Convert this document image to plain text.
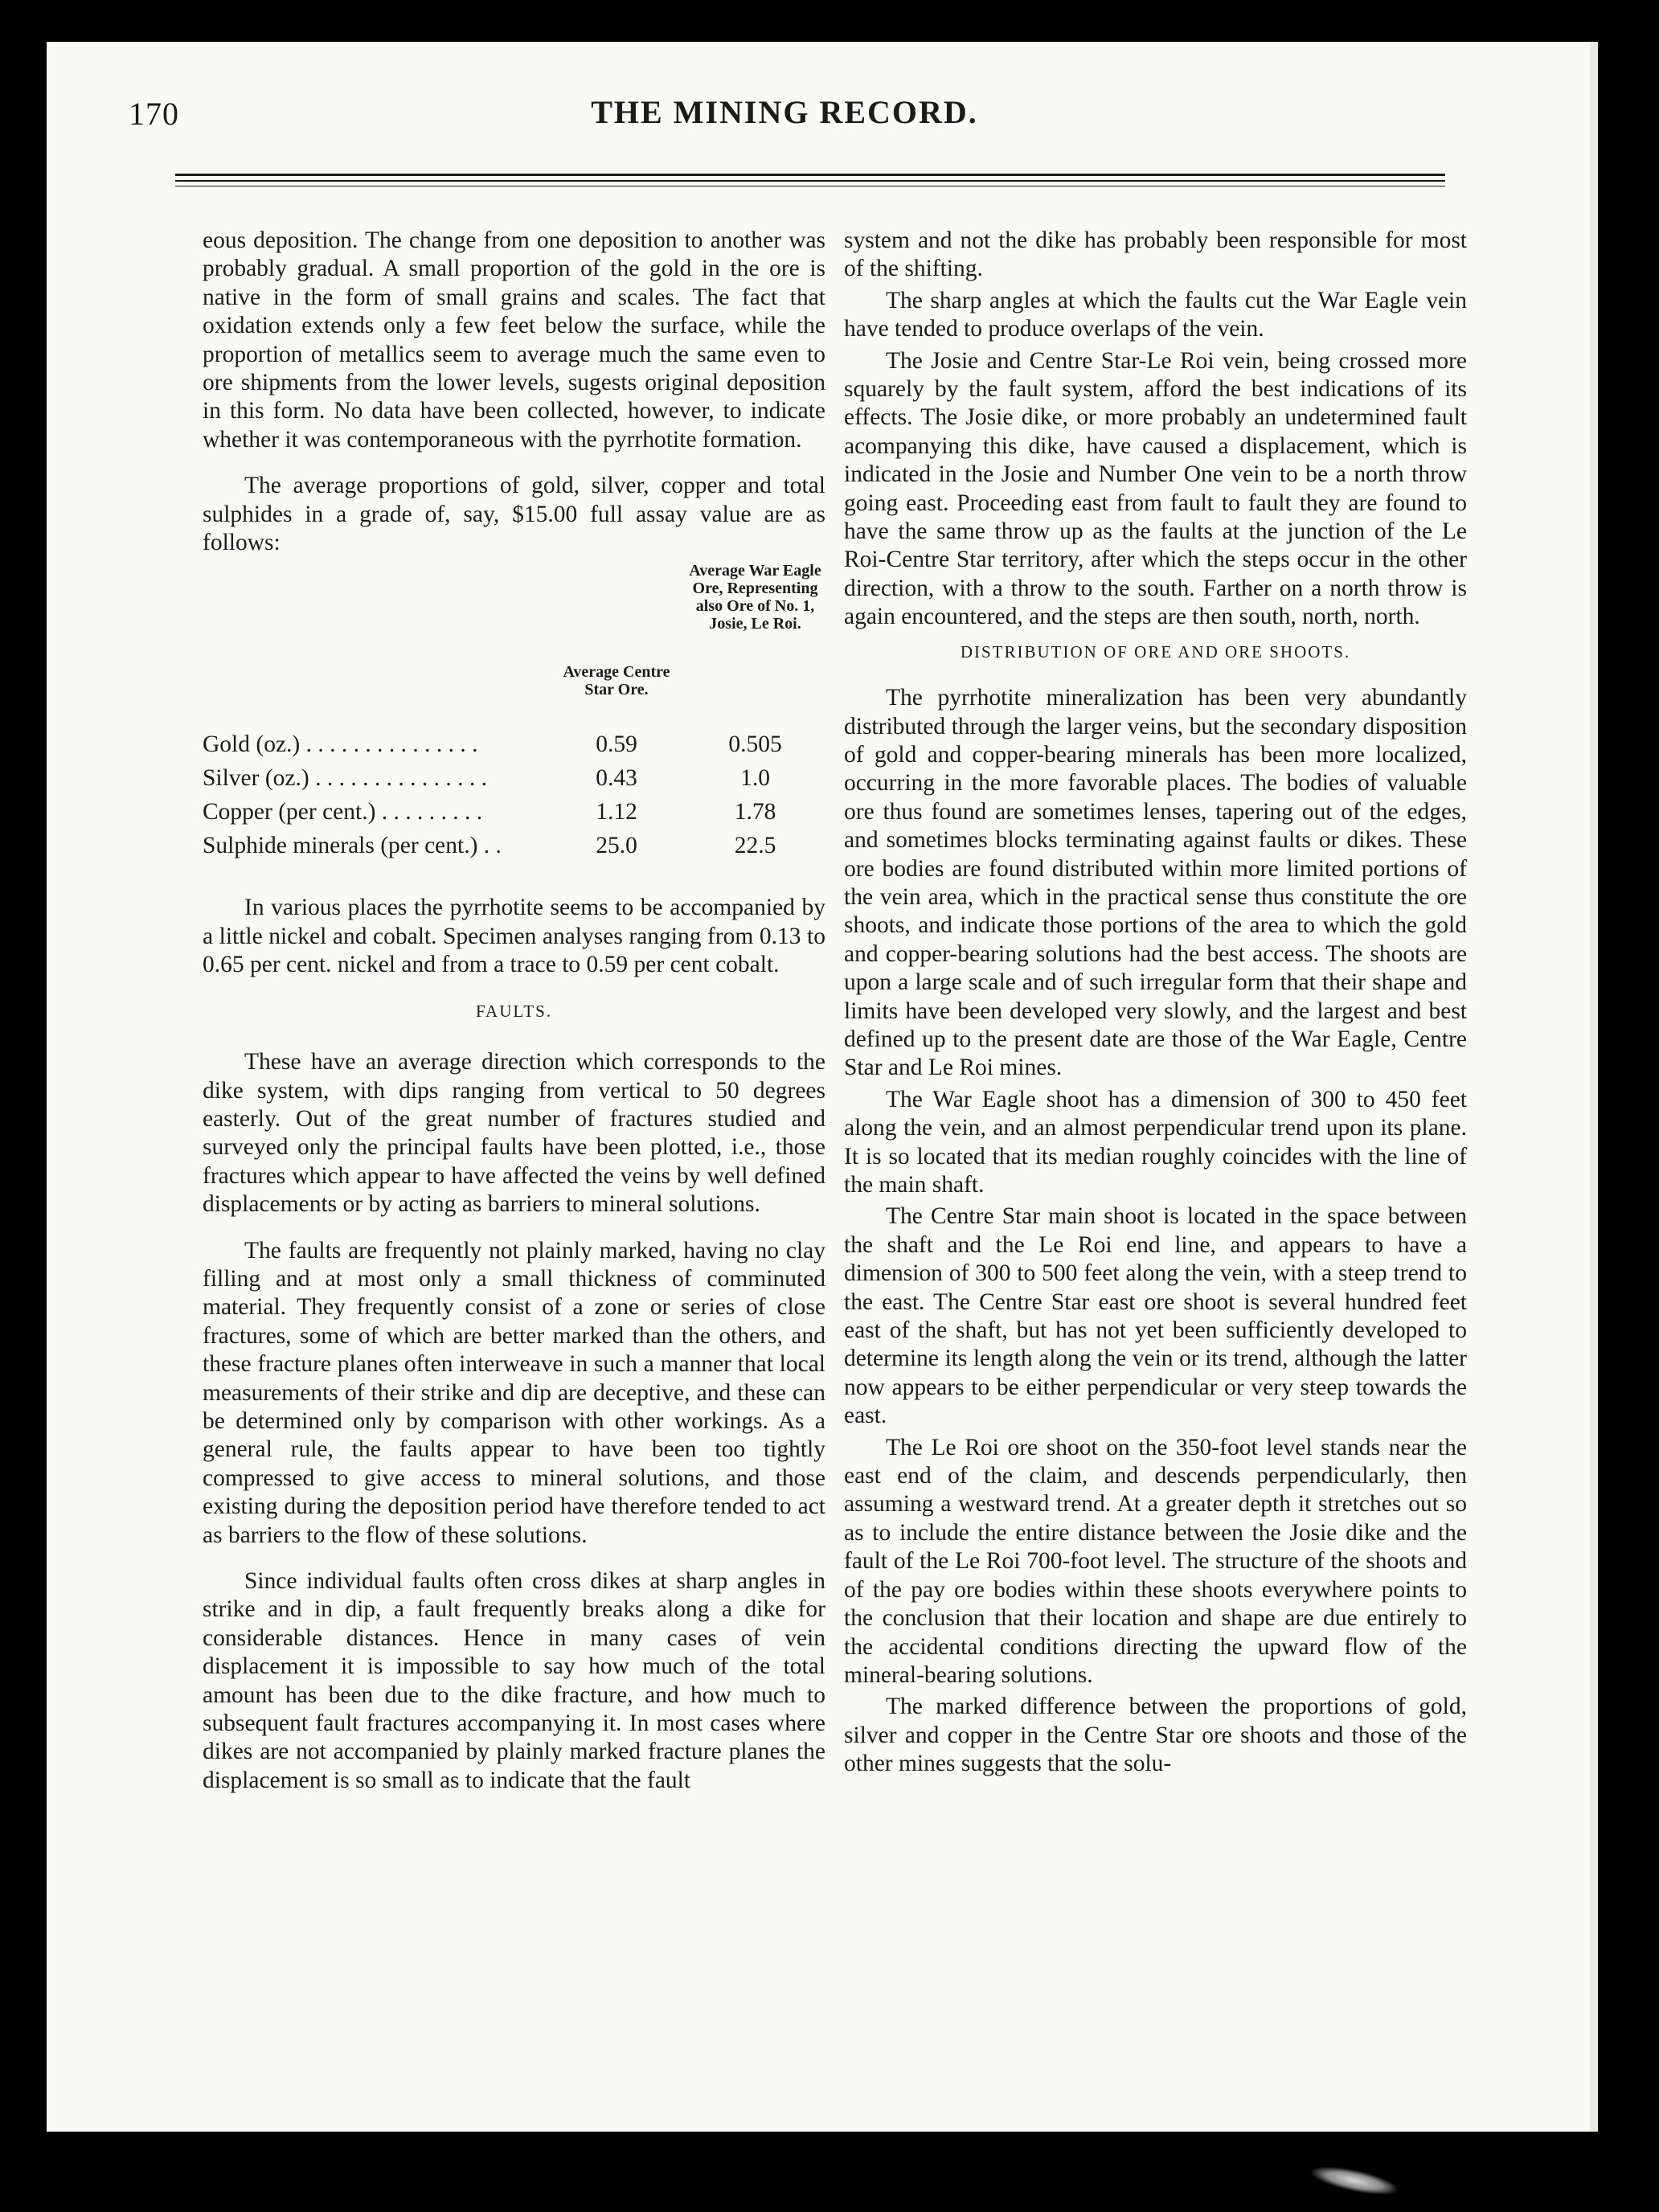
170	THE MINING RECORD.

eous deposition. The change from one deposition to another was probably gradual. A small proportion of the gold in the ore is native in the form of small grains and scales. The fact that oxidation extends only a few feet below the surface, while the proportion of metallics seem to average much the same even to ore shipments from the lower levels, sugests original deposition in this form. No data have been collected, however, to indicate whether it was contemporaneous with the pyrrhotite formation.

The average proportions of gold, silver, copper and total sulphides in a grade of, say, $15.00 full assay value are as follows:

Average Centre Star Ore.
Average War Eagle Ore, Representing also Ore of No. 1, Josie, Le Roi.
Gold (oz.) . . . . . . . . . . . . . . .	0.59	0.505
Silver (oz.) . . . . . . . . . . . . . . .	0.43	1.0
Copper (per cent.) . . . . . . . . .	1.12	1.78
Sulphide minerals (per cent.) . .	25.0	22.5

In various places the pyrrhotite seems to be accompanied by a little nickel and cobalt. Specimen analyses ranging from 0.13 to 0.65 per cent. nickel and from a trace to 0.59 per cent cobalt.

FAULTS.

These have an average direction which corresponds to the dike system, with dips ranging from vertical to 50 degrees easterly. Out of the great number of fractures studied and surveyed only the principal faults have been plotted, i.e., those fractures which appear to have affected the veins by well defined displacements or by acting as barriers to mineral solutions.

The faults are frequently not plainly marked, having no clay filling and at most only a small thickness of comminuted material. They frequently consist of a zone or series of close fractures, some of which are better marked than the others, and these fracture planes often interweave in such a manner that local measurements of their strike and dip are deceptive, and these can be determined only by comparison with other workings. As a general rule, the faults appear to have been too tightly compressed to give access to mineral solutions, and those existing during the deposition period have therefore tended to act as barriers to the flow of these solutions.

Since individual faults often cross dikes at sharp angles in strike and in dip, a fault frequently breaks along a dike for considerable distances. Hence in many cases of vein displacement it is impossible to say how much of the total amount has been due to the dike fracture, and how much to subsequent fault fractures accompanying it. In most cases where dikes are not accompanied by plainly marked fracture planes the displacement is so small as to indicate that the fault

system and not the dike has probably been responsible for most of the shifting.

The sharp angles at which the faults cut the War Eagle vein have tended to produce overlaps of the vein.

The Josie and Centre Star-Le Roi vein, being crossed more squarely by the fault system, afford the best indications of its effects. The Josie dike, or more probably an undetermined fault acompanying this dike, have caused a displacement, which is indicated in the Josie and Number One vein to be a north throw going east. Proceeding east from fault to fault they are found to have the same throw up as the faults at the junction of the Le Roi-Centre Star territory, after which the steps occur in the other direction, with a throw to the south. Farther on a north throw is again encountered, and the steps are then south, north, north.

DISTRIBUTION OF ORE AND ORE SHOOTS.

The pyrrhotite mineralization has been very abundantly distributed through the larger veins, but the secondary disposition of gold and copper-bearing minerals has been more localized, occurring in the more favorable places. The bodies of valuable ore thus found are sometimes lenses, tapering out of the edges, and sometimes blocks terminating against faults or dikes. These ore bodies are found distributed within more limited portions of the vein area, which in the practical sense thus constitute the ore shoots, and indicate those portions of the area to which the gold and copper-bearing solutions had the best access. The shoots are upon a large scale and of such irregular form that their shape and limits have been developed very slowly, and the largest and best defined up to the present date are those of the War Eagle, Centre Star and Le Roi mines.

The War Eagle shoot has a dimension of 300 to 450 feet along the vein, and an almost perpendicular trend upon its plane. It is so located that its median roughly coincides with the line of the main shaft.

The Centre Star main shoot is located in the space between the shaft and the Le Roi end line, and appears to have a dimension of 300 to 500 feet along the vein, with a steep trend to the east. The Centre Star east ore shoot is several hundred feet east of the shaft, but has not yet been sufficiently developed to determine its length along the vein or its trend, although the latter now appears to be either perpendicular or very steep towards the east.

The Le Roi ore shoot on the 350-foot level stands near the east end of the claim, and descends perpendicularly, then assuming a westward trend. At a greater depth it stretches out so as to include the entire distance between the Josie dike and the fault of the Le Roi 700-foot level. The structure of the shoots and of the pay ore bodies within these shoots everywhere points to the conclusion that their location and shape are due entirely to the accidental conditions directing the upward flow of the mineral-bearing solutions.

The marked difference between the proportions of gold, silver and copper in the Centre Star ore shoots and those of the other mines suggests that the solu-
